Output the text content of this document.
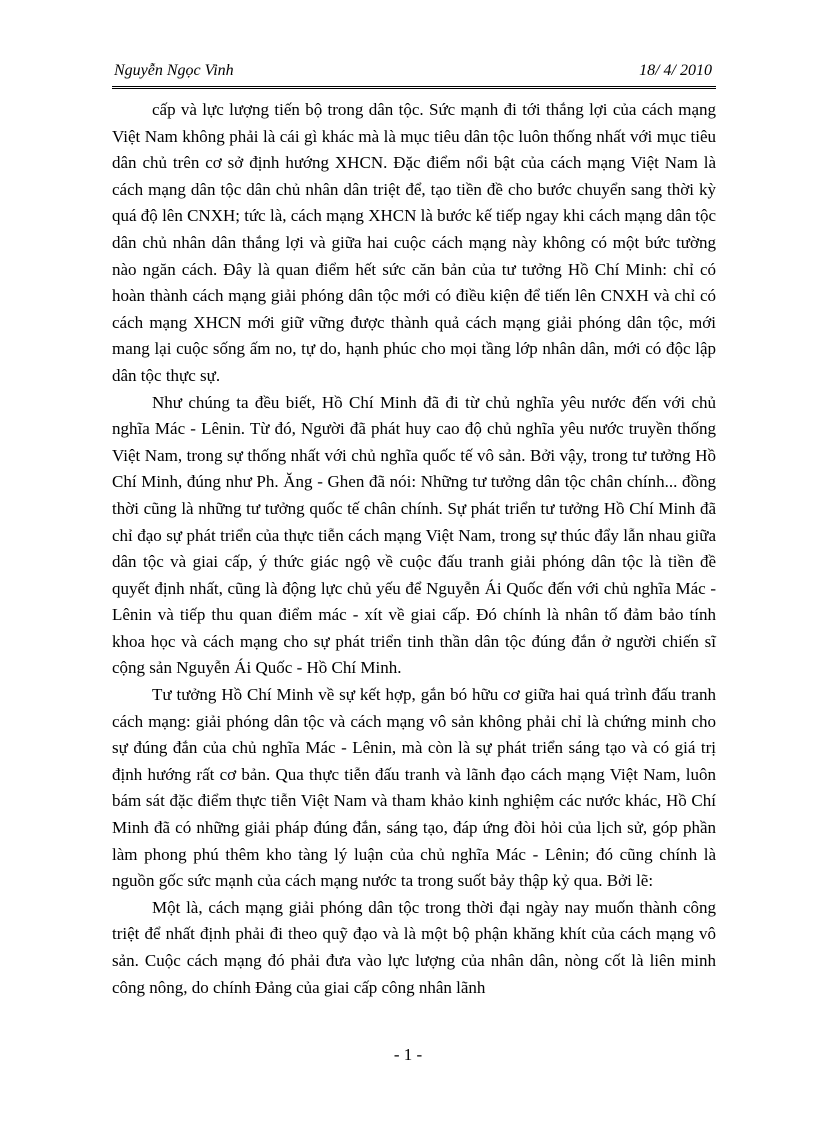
Nguyễn Ngọc Vinh	18/ 4/ 2010

cấp và lực lượng tiến bộ trong dân tộc. Sức mạnh đi tới thắng lợi của cách mạng Việt Nam không phải là cái gì khác mà là mục tiêu dân tộc luôn thống nhất với mục tiêu dân chủ trên cơ sở định hướng XHCN. Đặc điểm nổi bật của cách mạng Việt Nam là cách mạng dân tộc dân chủ nhân dân triệt để, tạo tiền đề cho bước chuyển sang thời kỳ quá độ lên CNXH; tức là, cách mạng XHCN là bước kế tiếp ngay khi cách mạng dân tộc dân chủ nhân dân thắng lợi và giữa hai cuộc cách mạng này không có một bức tường nào ngăn cách. Đây là quan điểm hết sức căn bản của tư tưởng Hồ Chí Minh: chỉ có hoàn thành cách mạng giải phóng dân tộc mới có điều kiện để tiến lên CNXH và chỉ có cách mạng XHCN mới giữ vững được thành quả cách mạng giải phóng dân tộc, mới mang lại cuộc sống ấm no, tự do, hạnh phúc cho mọi tầng lớp nhân dân, mới có độc lập dân tộc thực sự.

Như chúng ta đều biết, Hồ Chí Minh đã đi từ chủ nghĩa yêu nước đến với chủ nghĩa Mác - Lênin. Từ đó, Người đã phát huy cao độ chủ nghĩa yêu nước truyền thống Việt Nam, trong sự thống nhất với chủ nghĩa quốc tế vô sản. Bởi vậy, trong tư tưởng Hồ Chí Minh, đúng như Ph. Ăng - Ghen đã nói: Những tư tưởng dân tộc chân chính... đồng thời cũng là những tư tưởng quốc tế chân chính. Sự phát triển tư tưởng Hồ Chí Minh đã chỉ đạo sự phát triển của thực tiễn cách mạng Việt Nam, trong sự thúc đẩy lẫn nhau giữa dân tộc và giai cấp, ý thức giác ngộ về cuộc đấu tranh giải phóng dân tộc là tiền đề quyết định nhất, cũng là động lực chủ yếu để Nguyễn Ái Quốc đến với chủ nghĩa Mác - Lênin và tiếp thu quan điểm mác - xít về giai cấp. Đó chính là nhân tố đảm bảo tính khoa học và cách mạng cho sự phát triển tinh thần dân tộc đúng đắn ở người chiến sĩ cộng sản Nguyễn Ái Quốc - Hồ Chí Minh.

Tư tưởng Hồ Chí Minh về sự kết hợp, gắn bó hữu cơ giữa hai quá trình đấu tranh cách mạng: giải phóng dân tộc và cách mạng vô sản không phải chỉ là chứng minh cho sự đúng đắn của chủ nghĩa Mác - Lênin, mà còn là sự phát triển sáng tạo và có giá trị định hướng rất cơ bản. Qua thực tiễn đấu tranh và lãnh đạo cách mạng Việt Nam, luôn bám sát đặc điểm thực tiễn Việt Nam và tham khảo kinh nghiệm các nước khác, Hồ Chí Minh đã có những giải pháp đúng đắn, sáng tạo, đáp ứng đòi hỏi của lịch sử, góp phần làm phong phú thêm kho tàng lý luận của chủ nghĩa Mác - Lênin; đó cũng chính là nguồn gốc sức mạnh của cách mạng nước ta trong suốt bảy thập kỷ qua. Bởi lẽ:

Một là, cách mạng giải phóng dân tộc trong thời đại ngày nay muốn thành công triệt để nhất định phải đi theo quỹ đạo và là một bộ phận khăng khít của cách mạng vô sản. Cuộc cách mạng đó phải đưa vào lực lượng của nhân dân, nòng cốt là liên minh công nông, do chính Đảng của giai cấp công nhân lãnh

- 1 -
